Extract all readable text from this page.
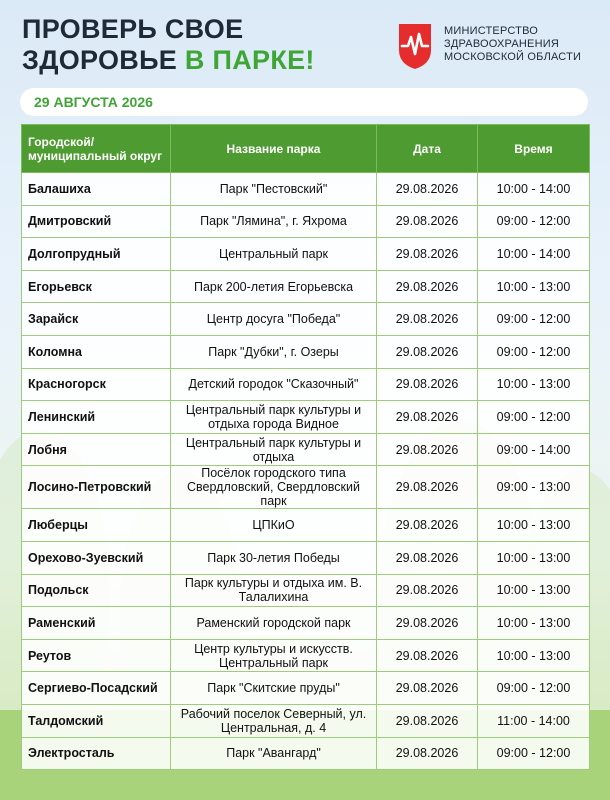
ПРОВЕРЬ СВОЕ
ЗДОРОВЬЕ В ПАРКЕ!
МИНИСТЕРСТВО
ЗДРАВООХРАНЕНИЯ
МОСКОВСКОЙ ОБЛАСТИ
29 АВГУСТА 2026
Городской/ муниципальный округ	Название парка	Дата	Время
Балашиха	Парк "Пестовский"	29.08.2026	10:00 - 14:00
Дмитровский	Парк "Лямина", г. Яхрома	29.08.2026	09:00 - 12:00
Долгопрудный	Центральный парк	29.08.2026	10:00 - 14:00
Егорьевск	Парк 200-летия Егорьевска	29.08.2026	10:00 - 13:00
Зарайск	Центр досуга "Победа"	29.08.2026	09:00 - 12:00
Коломна	Парк "Дубки", г. Озеры	29.08.2026	09:00 - 12:00
Красногорск	Детский городок "Сказочный"	29.08.2026	10:00 - 13:00
Ленинский	Центральный парк культуры и отдыха города Видное	29.08.2026	09:00 - 12:00
Лобня	Центральный парк культуры и отдыха	29.08.2026	09:00 - 14:00
Лосино-Петровский	Посёлок городского типа Свердловский, Свердловский парк	29.08.2026	09:00 - 13:00
Люберцы	ЦПКиО	29.08.2026	10:00 - 13:00
Орехово-Зуевский	Парк 30-летия Победы	29.08.2026	10:00 - 13:00
Подольск	Парк культуры и отдыха им. В. Талалихина	29.08.2026	10:00 - 13:00
Раменский	Раменский городской парк	29.08.2026	10:00 - 13:00
Реутов	Центр культуры и искусств. Центральный парк	29.08.2026	10:00 - 13:00
Сергиево-Посадский	Парк "Скитские пруды"	29.08.2026	09:00 - 12:00
Талдомский	Рабочий поселок Северный, ул. Центральная, д. 4	29.08.2026	11:00 - 14:00
Электросталь	Парк "Авангард"	29.08.2026	09:00 - 12:00
